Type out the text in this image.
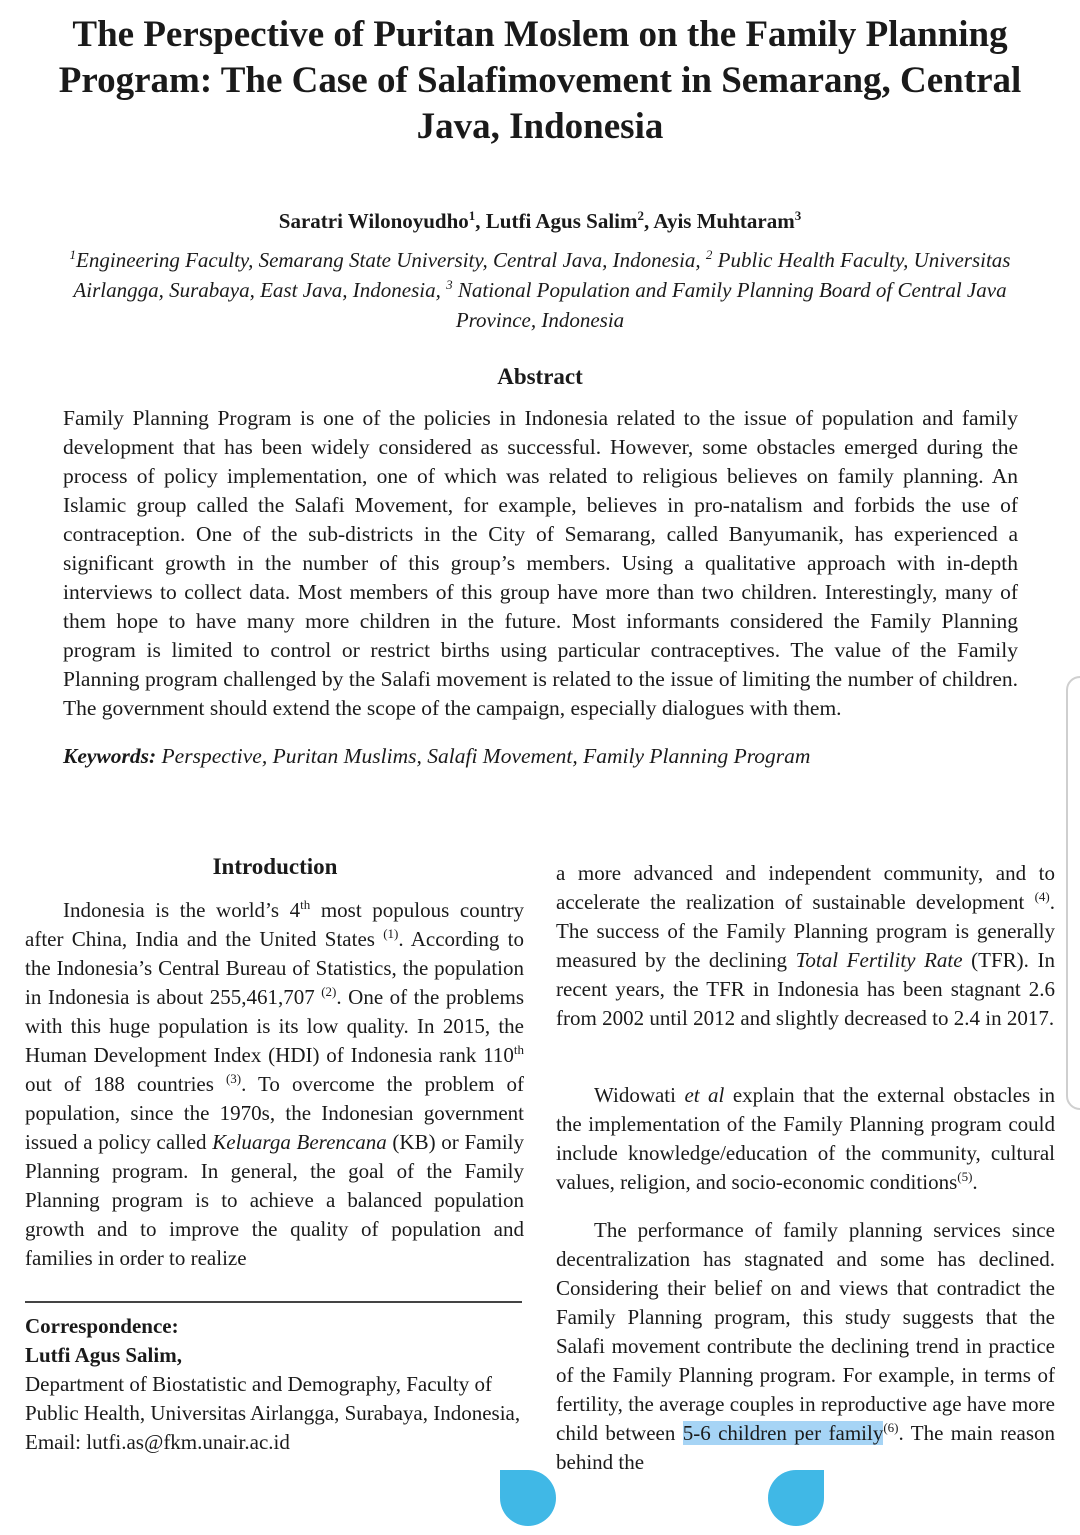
The Perspective of Puritan Moslem on the Family Planning Program: The Case of Salafimovement in Semarang, Central Java, Indonesia
Saratri Wilonoyudho$^1$, Lutfi Agus Salim$^2$, Ayis Muhtaram$^3$
$^1$Engineering Faculty, Semarang State University, Central Java, Indonesia, $^2$ Public Health Faculty, Universitas Airlangga, Surabaya, East Java, Indonesia, $^3$ National Population and Family Planning Board of Central Java Province, Indonesia
Abstract

Family Planning Program is one of the policies in Indonesia related to the issue of population and family development that has been widely considered as successful. However, some obstacles emerged during the process of policy implementation, one of which was related to religious believes on family planning. An Islamic group called the Salafi Movement, for example, believes in pro-natalism and forbids the use of contraception. One of the sub-districts in the City of Semarang, called Banyumanik, has experienced a significant growth in the number of this group’s members. Using a qualitative approach with in-depth interviews to collect data. Most members of this group have more than two children. Interestingly, many of them hope to have many more children in the future. Most informants considered the Family Planning program is limited to control or restrict births using particular contraceptives. The value of the Family Planning program challenged by the Salafi movement is related to the issue of limiting the number of children. The government should extend the scope of the campaign, especially dialogues with them.

Keywords: Perspective, Puritan Muslims, Salafi Movement, Family Planning Program
Introduction

Indonesia is the world’s 4th most populous country after China, India and the United States $^{(1)}$. According to the Indonesia’s Central Bureau of Statistics, the population in Indonesia is about 255,461,707 $^{(2)}$. One of the problems with this huge population is its low quality. In 2015, the Human Development Index (HDI) of Indonesia rank 110th out of 188 countries $^{(3)}$. To overcome the problem of population, since the 1970s, the Indonesian government issued a policy called Keluarga Berencana (KB) or Family Planning program. In general, the goal of the Family Planning program is to achieve a balanced population growth and to improve the quality of population and families in order to realize

Correspondence:
Lutfi Agus Salim,
Department of Biostatistic and Demography, Faculty of Public Health, Universitas Airlangga, Surabaya, Indonesia, Email: lutfi.as@fkm.unair.ac.id

a more advanced and independent community, and to accelerate the realization of sustainable development $^{(4)}$. The success of the Family Planning program is generally measured by the declining Total Fertility Rate (TFR). In recent years, the TFR in Indonesia has been stagnant 2.6 from 2002 until 2012 and slightly decreased to 2.4 in 2017.

Widowati et al explain that the external obstacles in the implementation of the Family Planning program could include knowledge/education of the community, cultural values, religion, and socio-economic conditions$^{(5)}$.

The performance of family planning services since decentralization has stagnated and some has declined. Considering their belief on and views that contradict the Family Planning program, this study suggests that the Salafi movement contribute the declining trend in practice of the Family Planning program. For example, in terms of fertility, the average couples in reproductive age have more child between 5-6 children per family$^{(6)}$. The main reason behind the
